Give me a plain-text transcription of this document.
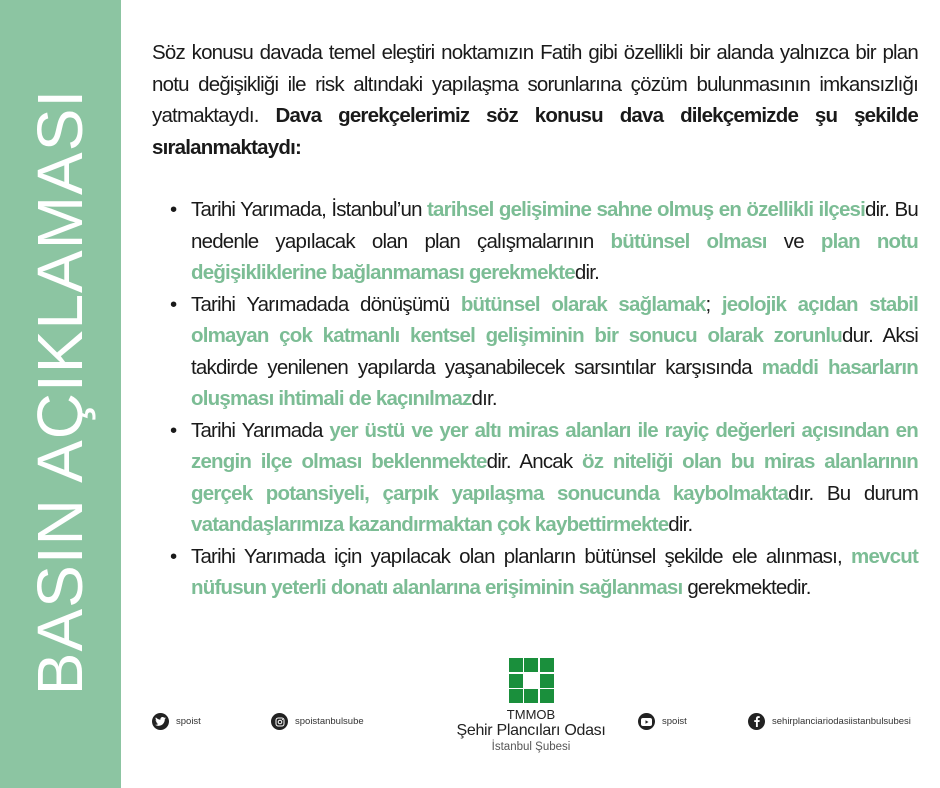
BASIN AÇIKLAMASI

Söz konusu davada temel eleştiri noktamızın Fatih gibi özellikli bir alanda yalnızca bir plan notu değişikliği ile risk altındaki yapılaşma sorunlarına çözüm bulunmasının imkansızlığı yatmaktaydı. Dava gerekçelerimiz söz konusu dava dilekçemizde şu şekilde sıralanmaktaydı:

• Tarihi Yarımada, İstanbul’un tarihsel gelişimine sahne olmuş en özellikli ilçesidir. Bu nedenle yapılacak olan plan çalışmalarının bütünsel olması ve plan notu değişikliklerine bağlanmaması gerekmektedir.
• Tarihi Yarımadada dönüşümü bütünsel olarak sağlamak; jeolojik açıdan stabil olmayan çok katmanlı kentsel gelişiminin bir sonucu olarak zorunludur. Aksi takdirde yenilenen yapılarda yaşanabilecek sarsıntılar karşısında maddi hasarların oluşması ihtimali de kaçınılmazdır.
• Tarihi Yarımada yer üstü ve yer altı miras alanları ile rayiç değerleri açısından en zengin ilçe olması beklenmektedir. Ancak öz niteliği olan bu miras alanlarının gerçek potansiyeli, çarpık yapılaşma sonucunda kaybolmaktadır. Bu durum vatandaşlarımıza kazandırmaktan çok kaybettirmektedir.
• Tarihi Yarımada için yapılacak olan planların bütünsel şekilde ele alınması, mevcut nüfusun yeterli donatı alanlarına erişiminin sağlanması gerekmektedir.
spoist	spoistanbulsube	TMMOB
Şehir Plancıları Odası
İstanbul Şubesi
spoist	sehirplanciariodasiistanbulsubesi
